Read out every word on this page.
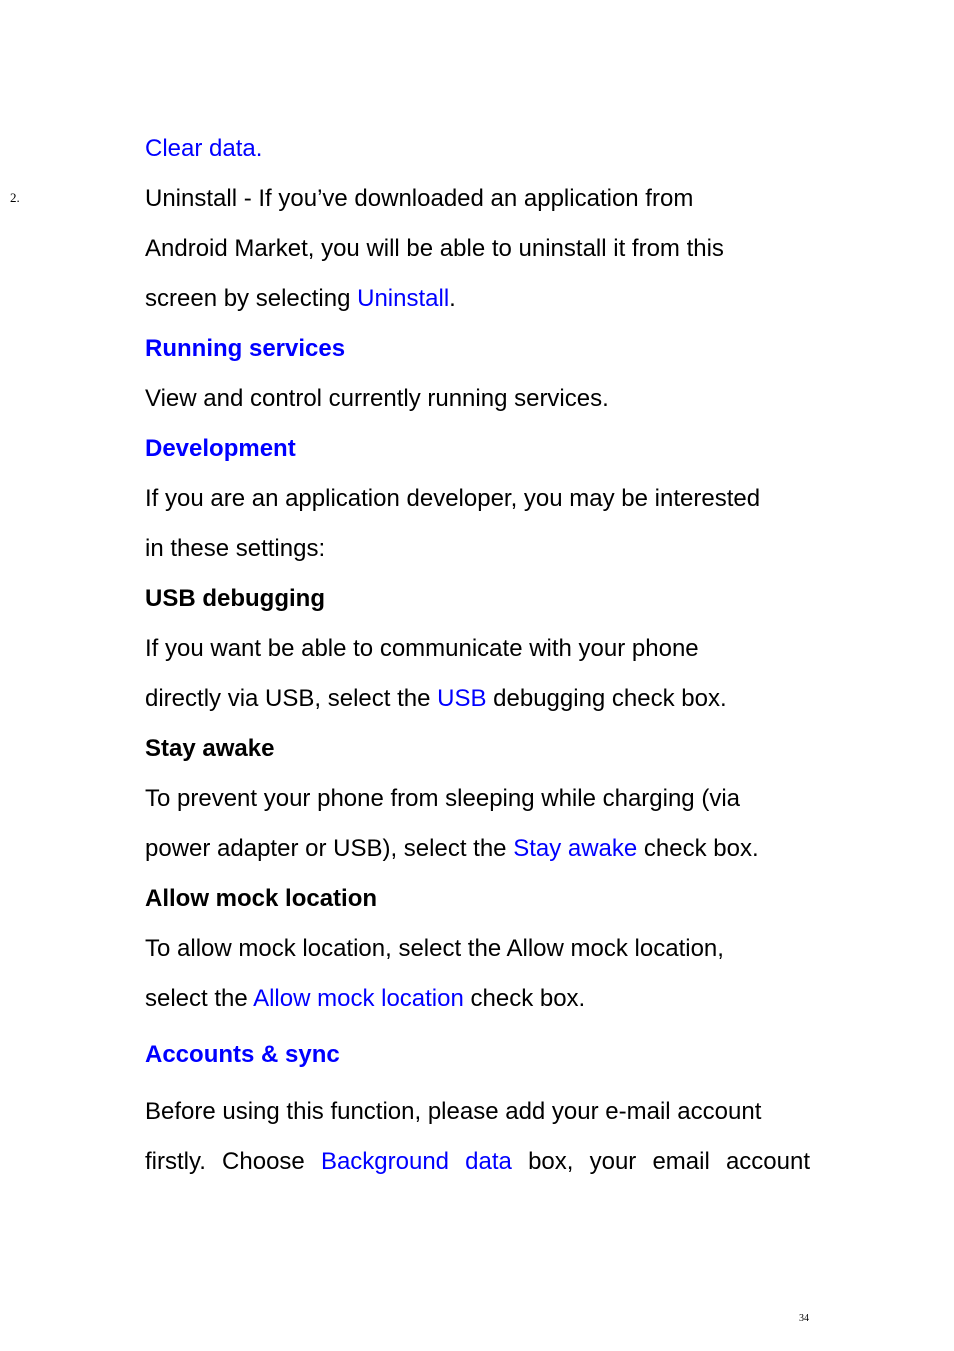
2.
Clear data.
Uninstall - If you’ve downloaded an application from
Android Market, you will be able to uninstall it from this
screen by selecting Uninstall.
Running services
View and control currently running services.
Development
If you are an application developer, you may be interested
in these settings:
USB debugging
If you want be able to communicate with your phone
directly via USB, select the USB debugging check box.
Stay awake
To prevent your phone from sleeping while charging (via
power adapter or USB), select the Stay awake check box.
Allow mock location
To allow mock location, select the Allow mock location,
select the Allow mock location check box.
Accounts & sync
Before using this function, please add your e-mail account
firstly. Choose Background data box, your email account
34
